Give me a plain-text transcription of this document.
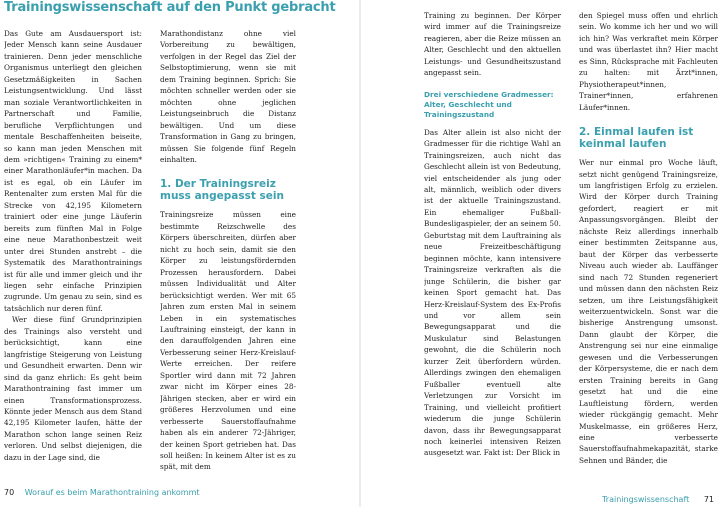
Trainingswissenschaft auf den Punkt gebracht

Das Gute am Ausdauersport ist: Jeder Mensch kann seine Ausdauer trainieren. Denn jeder menschliche Organismus unterliegt den gleichen Gesetzmäßigkeiten in Sachen Leistungsentwicklung. Und lässt man soziale Verantwortlichkeiten in Partnerschaft und Familie, berufliche Verpflichtungen und mentale Beschaffenheiten beiseite, so kann man jeden Menschen mit dem »richtigen« Training zu einem* einer Marathonläufer*in machen. Da ist es egal, ob ein Läufer im Rentenalter zum ersten Mal für die Strecke von 42,195 Kilometern trainiert oder eine junge Läuferin bereits zum fünften Mal in Folge eine neue Marathonbestzeit weit unter drei Stunden anstrebt – die Systematik des Marathontrainings ist für alle und immer gleich und ihr liegen sehr einfache Prinzipien zugrunde. Um genau zu sein, sind es tatsächlich nur deren fünf.

Wer diese fünf Grundprinzipien des Trainings also versteht und berücksichtigt, kann eine langfristige Steigerung von Leistung und Gesundheit erwarten. Denn wir sind da ganz ehrlich: Es geht beim Marathontraining fast immer um einen Transformationsprozess. Könnte jeder Mensch aus dem Stand 42,195 Kilometer laufen, hätte der Marathon schon lange seinen Reiz verloren. Und selbst diejenigen, die dazu in der Lage sind, die

Marathondistanz ohne viel Vorbereitung zu bewältigen, verfolgen in der Regel das Ziel der Selbstoptimierung, wenn sie mit dem Training beginnen. Sprich: Sie möchten schneller werden oder sie möchten ohne jeglichen Leistungseinbruch die Distanz bewältigen. Und um diese Transformation in Gang zu bringen, müssen Sie folgende fünf Regeln einhalten.

1. Der Trainingsreiz muss angepasst sein

Trainingsreize müssen eine bestimmte Reizschwelle des Körpers überschreiten, dürfen aber nicht zu hoch sein, damit sie den Körper zu leistungsfördernden Prozessen herausfordern. Dabei müssen Individualität und Alter berücksichtigt werden. Wer mit 65 Jahren zum ersten Mal in seinem Leben in ein systematisches Lauftraining einsteigt, der kann in den darauffolgenden Jahren eine Verbesserung seiner Herz-Kreislauf-Werte erreichen. Der reifere Sportler wird dann mit 72 Jahren zwar nicht im Körper eines 28-Jährigen stecken, aber er wird ein größeres Herzvolumen und eine verbesserte Sauerstoffaufnahme haben als ein anderer 72-Jähriger, der keinen Sport getrieben hat. Das soll heißen: In keinem Alter ist es zu spät, mit dem

70 Worauf es beim Marathontraining ankommt

Training zu beginnen. Der Körper wird immer auf die Trainingsreize reagieren, aber die Reize müssen an Alter, Geschlecht und den aktuellen Leistungs- und Gesundheitszustand angepasst sein.

Drei verschiedene Gradmesser: Alter, Geschlecht und Trainingszustand

Das Alter allein ist also nicht der Gradmesser für die richtige Wahl an Trainingsreizen, auch nicht das Geschlecht allein ist von Bedeutung, viel entscheidender als jung oder alt, männlich, weiblich oder divers ist der aktuelle Trainingszustand. Ein ehemaliger Fußball-Bundesligaspieler, der an seinem 50. Geburtstag mit dem Lauftraining als neue Freizeitbeschäftigung beginnen möchte, kann intensivere Trainingsreize verkraften als die junge Schülerin, die bisher gar keinen Sport gemacht hat. Das Herz-Kreislauf-System des Ex-Profis und vor allem sein Bewegungsapparat und die Muskulatur sind Belastungen gewohnt, die die Schülerin noch kurzer Zeit überfordern würden. Allerdings zwingen den ehemaligen Fußballer eventuell alte Verletzungen zur Vorsicht im Training, und vielleicht profitiert wiederum die junge Schülerin davon, dass ihr Bewegungsapparat noch keinerlei intensiven Reizen ausgesetzt war. Fakt ist: Der Blick in

den Spiegel muss offen und ehrlich sein. Wo komme ich her und wo will ich hin? Was verkraftet mein Körper und was überlastet ihn? Hier macht es Sinn, Rücksprache mit Fachleuten zu halten: mit Ärzt*innen, Physiotherapeut*innen, Trainer*innen, erfahrenen Läufer*innen.

2. Einmal laufen ist keinmal laufen

Wer nur einmal pro Woche läuft, setzt nicht genügend Trainingsreize, um langfristigen Erfolg zu erzielen. Wird der Körper durch Training gefordert, reagiert er mit Anpassungsvorgängen. Bleibt der nächste Reiz allerdings innerhalb einer bestimmten Zeitspanne aus, baut der Körper das verbesserte Niveau auch wieder ab. Lauffänger sind nach 72 Stunden regeneriert und müssen dann den nächsten Reiz setzen, um ihre Leistungsfähigkeit weiterzuentwickeln. Sonst war die bisherige Anstrengung umsonst. Dann glaubt der Körper, die Anstrengung sei nur eine einmalige gewesen und die Verbesserungen der Körpersysteme, die er nach dem ersten Training bereits in Gang gesetzt hat und die eine Lauftleistung fördern, werden wieder rückgängig gemacht. Mehr Muskelmasse, ein größeres Herz, eine verbesserte Sauerstoffaufnahmekapazität, starke Sehnen und Bänder, die

Trainingswissenschaft 71
